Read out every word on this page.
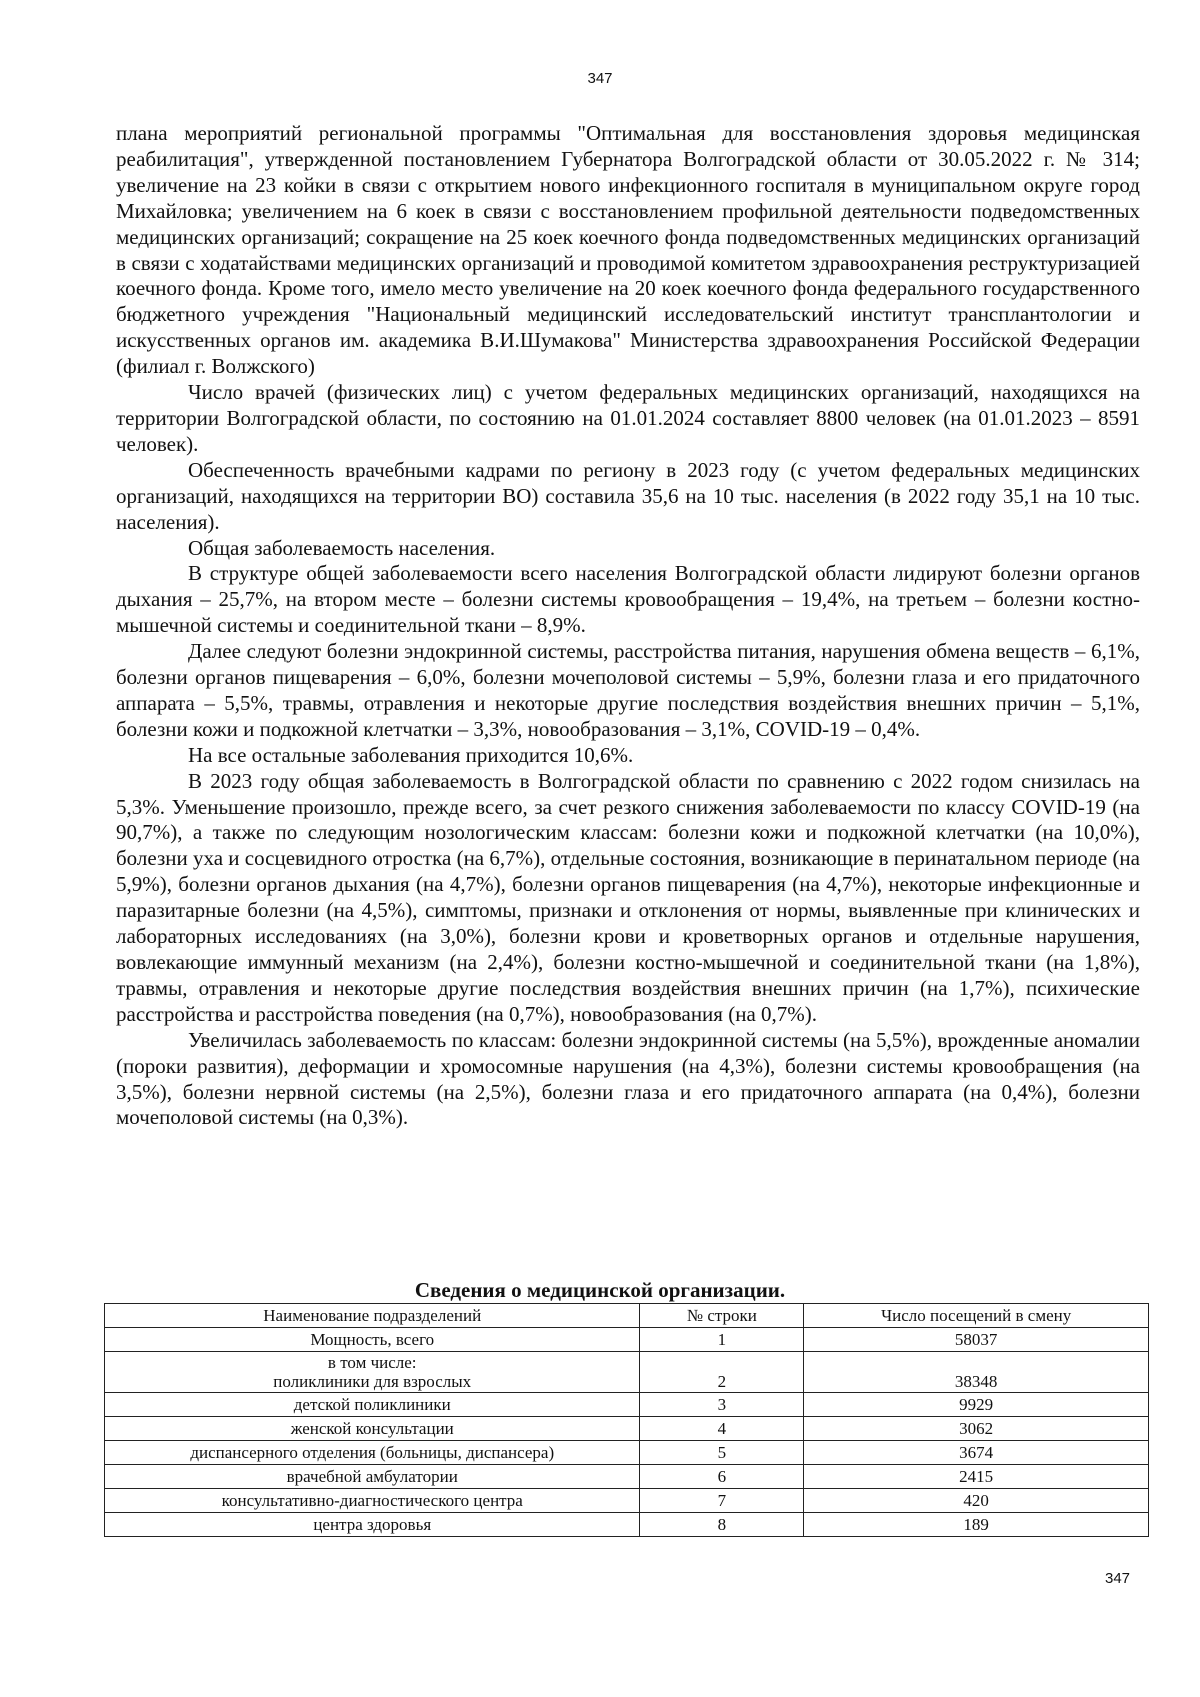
347

плана мероприятий региональной программы "Оптимальная для восстановления здоровья медицинская реабилитация", утвержденной постановлением Губернатора Волгоградской области от 30.05.2022 г. № 314; увеличение на 23 койки в связи с открытием нового инфекционного госпиталя в муниципальном округе город Михайловка; увеличением на 6 коек в связи с восстановлением профильной деятельности подведомственных медицинских организаций; сокращение на 25 коек коечного фонда подведомственных медицинских организаций в связи с ходатайствами медицинских организаций и проводимой комитетом здравоохранения реструктуризацией коечного фонда. Кроме того, имело место увеличение на 20 коек коечного фонда федерального государственного бюджетного учреждения "Национальный медицинский исследовательский институт трансплантологии и искусственных органов им. академика В.И.Шумакова" Министерства здравоохранения Российской Федерации (филиал г. Волжского)

Число врачей (физических лиц) с учетом федеральных медицинских организаций, находящихся на территории Волгоградской области, по состоянию на 01.01.2024 составляет 8800 человек (на 01.01.2023 – 8591 человек).

Обеспеченность врачебными кадрами по региону в 2023 году (с учетом федеральных медицинских организаций, находящихся на территории ВО) составила 35,6 на 10 тыс. населения (в 2022 году 35,1 на 10 тыс. населения).

Общая заболеваемость населения.

В структуре общей заболеваемости всего населения Волгоградской области лидируют болезни органов дыхания – 25,7%, на втором месте – болезни системы кровообращения – 19,4%, на третьем – болезни костно-мышечной системы и соединительной ткани – 8,9%.

Далее следуют болезни эндокринной системы, расстройства питания, нарушения обмена веществ – 6,1%, болезни органов пищеварения – 6,0%, болезни мочеполовой системы – 5,9%, болезни глаза и его придаточного аппарата – 5,5%, травмы, отравления и некоторые другие последствия воздействия внешних причин – 5,1%, болезни кожи и подкожной клетчатки – 3,3%, новообразования – 3,1%, COVID-19 – 0,4%.

На все остальные заболевания приходится 10,6%.

В 2023 году общая заболеваемость в Волгоградской области по сравнению с 2022 годом снизилась на 5,3%. Уменьшение произошло, прежде всего, за счет резкого снижения заболеваемости по классу COVID-19 (на 90,7%), а также по следующим нозологическим классам: болезни кожи и подкожной клетчатки (на 10,0%), болезни уха и сосцевидного отростка (на 6,7%), отдельные состояния, возникающие в перинатальном периоде (на 5,9%), болезни органов дыхания (на 4,7%), болезни органов пищеварения (на 4,7%), некоторые инфекционные и паразитарные болезни (на 4,5%), симптомы, признаки и отклонения от нормы, выявленные при клинических и лабораторных исследованиях (на 3,0%), болезни крови и кроветворных органов и отдельные нарушения, вовлекающие иммунный механизм (на 2,4%), болезни костно-мышечной и соединительной ткани (на 1,8%), травмы, отравления и некоторые другие последствия воздействия внешних причин (на 1,7%), психические расстройства и расстройства поведения (на 0,7%), новообразования (на 0,7%).

Увеличилась заболеваемость по классам: болезни эндокринной системы (на 5,5%), врожденные аномалии (пороки развития), деформации и хромосомные нарушения (на 4,3%), болезни системы кровообращения (на 3,5%), болезни нервной системы (на 2,5%), болезни глаза и его придаточного аппарата (на 0,4%), болезни мочеполовой системы (на 0,3%).

Сведения о медицинской организации.
Наименование подразделений	№ строки	Число посещений в смену
Мощность, всего	1	58037

в том числе:
поликлиники для взрослых	2	38348
детской поликлиники	3	9929
женской консультации	4	3062
диспансерного отделения (больницы, диспансера)	5	3674
врачебной амбулатории	6	2415
консультативно-диагностического центра	7	420
центра здоровья	8	189
347
